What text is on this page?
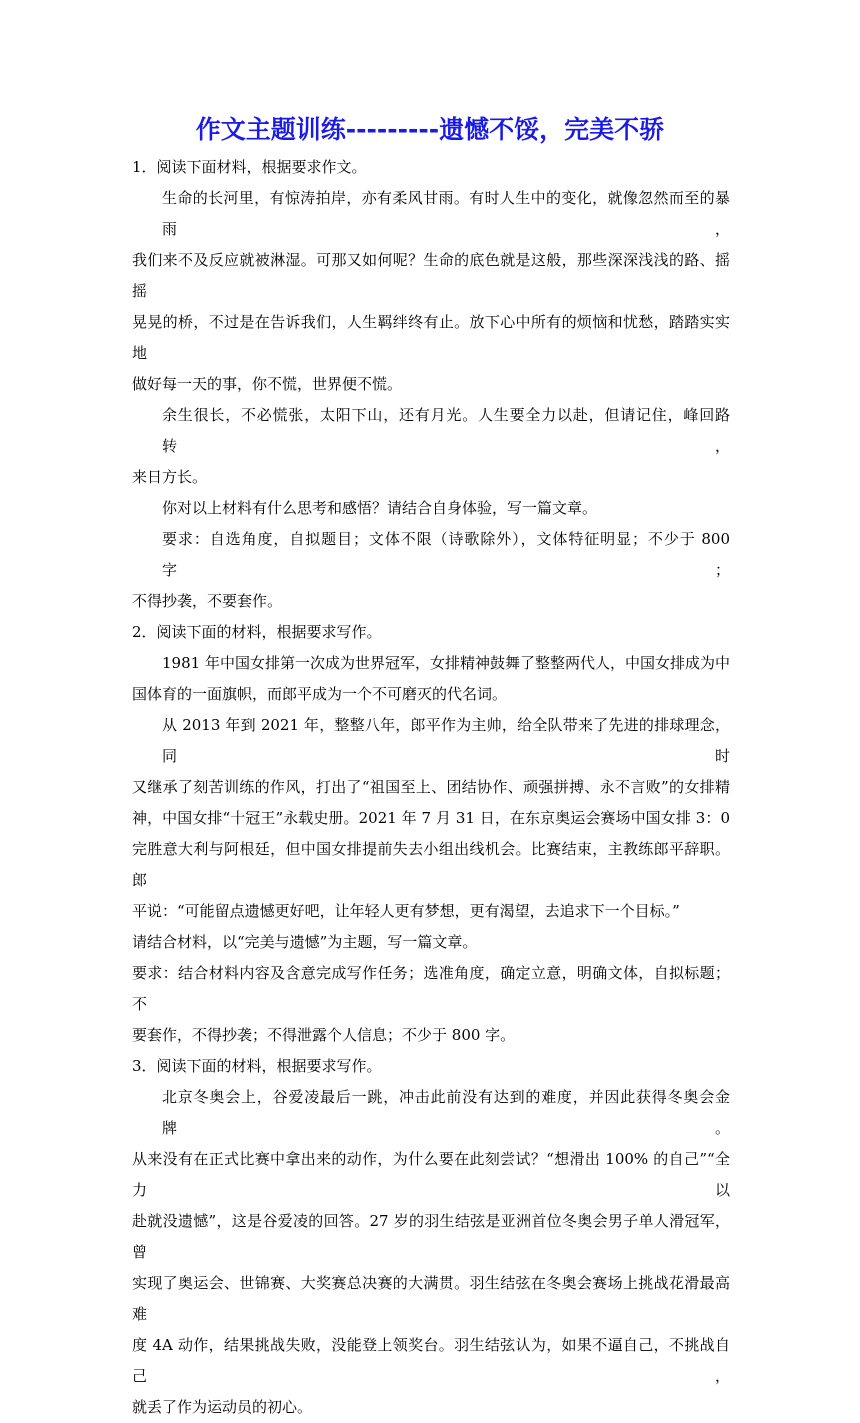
作文主题训练---------遗憾不馁，完美不骄
1．阅读下面材料，根据要求作文。
生命的长河里，有惊涛拍岸，亦有柔风甘雨。有时人生中的变化，就像忽然而至的暴雨，
我们来不及反应就被淋湿。可那又如何呢？生命的底色就是这般，那些深深浅浅的路、摇摇
晃晃的桥，不过是在告诉我们，人生羁绊终有止。放下心中所有的烦恼和忧愁，踏踏实实地
做好每一天的事，你不慌，世界便不慌。
余生很长，不必慌张，太阳下山，还有月光。人生要全力以赴，但请记住，峰回路转，
来日方长。
你对以上材料有什么思考和感悟？请结合自身体验，写一篇文章。
要求：自选角度，自拟题目；文体不限（诗歌除外），文体特征明显；不少于 800 字；
不得抄袭，不要套作。
2．阅读下面的材料，根据要求写作。
1981 年中国女排第一次成为世界冠军，女排精神鼓舞了整整两代人，中国女排成为中
国体育的一面旗帜，而郎平成为一个不可磨灭的代名词。
从 2013 年到 2021 年，整整八年，郎平作为主帅，给全队带来了先进的排球理念，同时
又继承了刻苦训练的作风，打出了“祖国至上、团结协作、顽强拼搏、永不言败”的女排精
神，中国女排“十冠王”永载史册。2021 年 7 月 31 日，在东京奥运会赛场中国女排 3：0
完胜意大利与阿根廷，但中国女排提前失去小组出线机会。比赛结束，主教练郎平辞职。郎
平说：“可能留点遗憾更好吧，让年轻人更有梦想，更有渴望，去追求下一个目标。”
请结合材料，以“完美与遗憾”为主题，写一篇文章。
要求：结合材料内容及含意完成写作任务；选准角度，确定立意，明确文体，自拟标题；不
要套作，不得抄袭；不得泄露个人信息；不少于 800 字。
3．阅读下面的材料，根据要求写作。
北京冬奥会上，谷爱凌最后一跳，冲击此前没有达到的难度，并因此获得冬奥会金牌。
从来没有在正式比赛中拿出来的动作，为什么要在此刻尝试？“想滑出 100% 的自己”“全力以
赴就没遗憾”，这是谷爱凌的回答。27 岁的羽生结弦是亚洲首位冬奥会男子单人滑冠军，曾
实现了奥运会、世锦赛、大奖赛总决赛的大满贯。羽生结弦在冬奥会赛场上挑战花滑最高难
度 4A 动作，结果挑战失败，没能登上领奖台。羽生结弦认为，如果不逼自己，不挑战自己，
就丢了作为运动员的初心。
